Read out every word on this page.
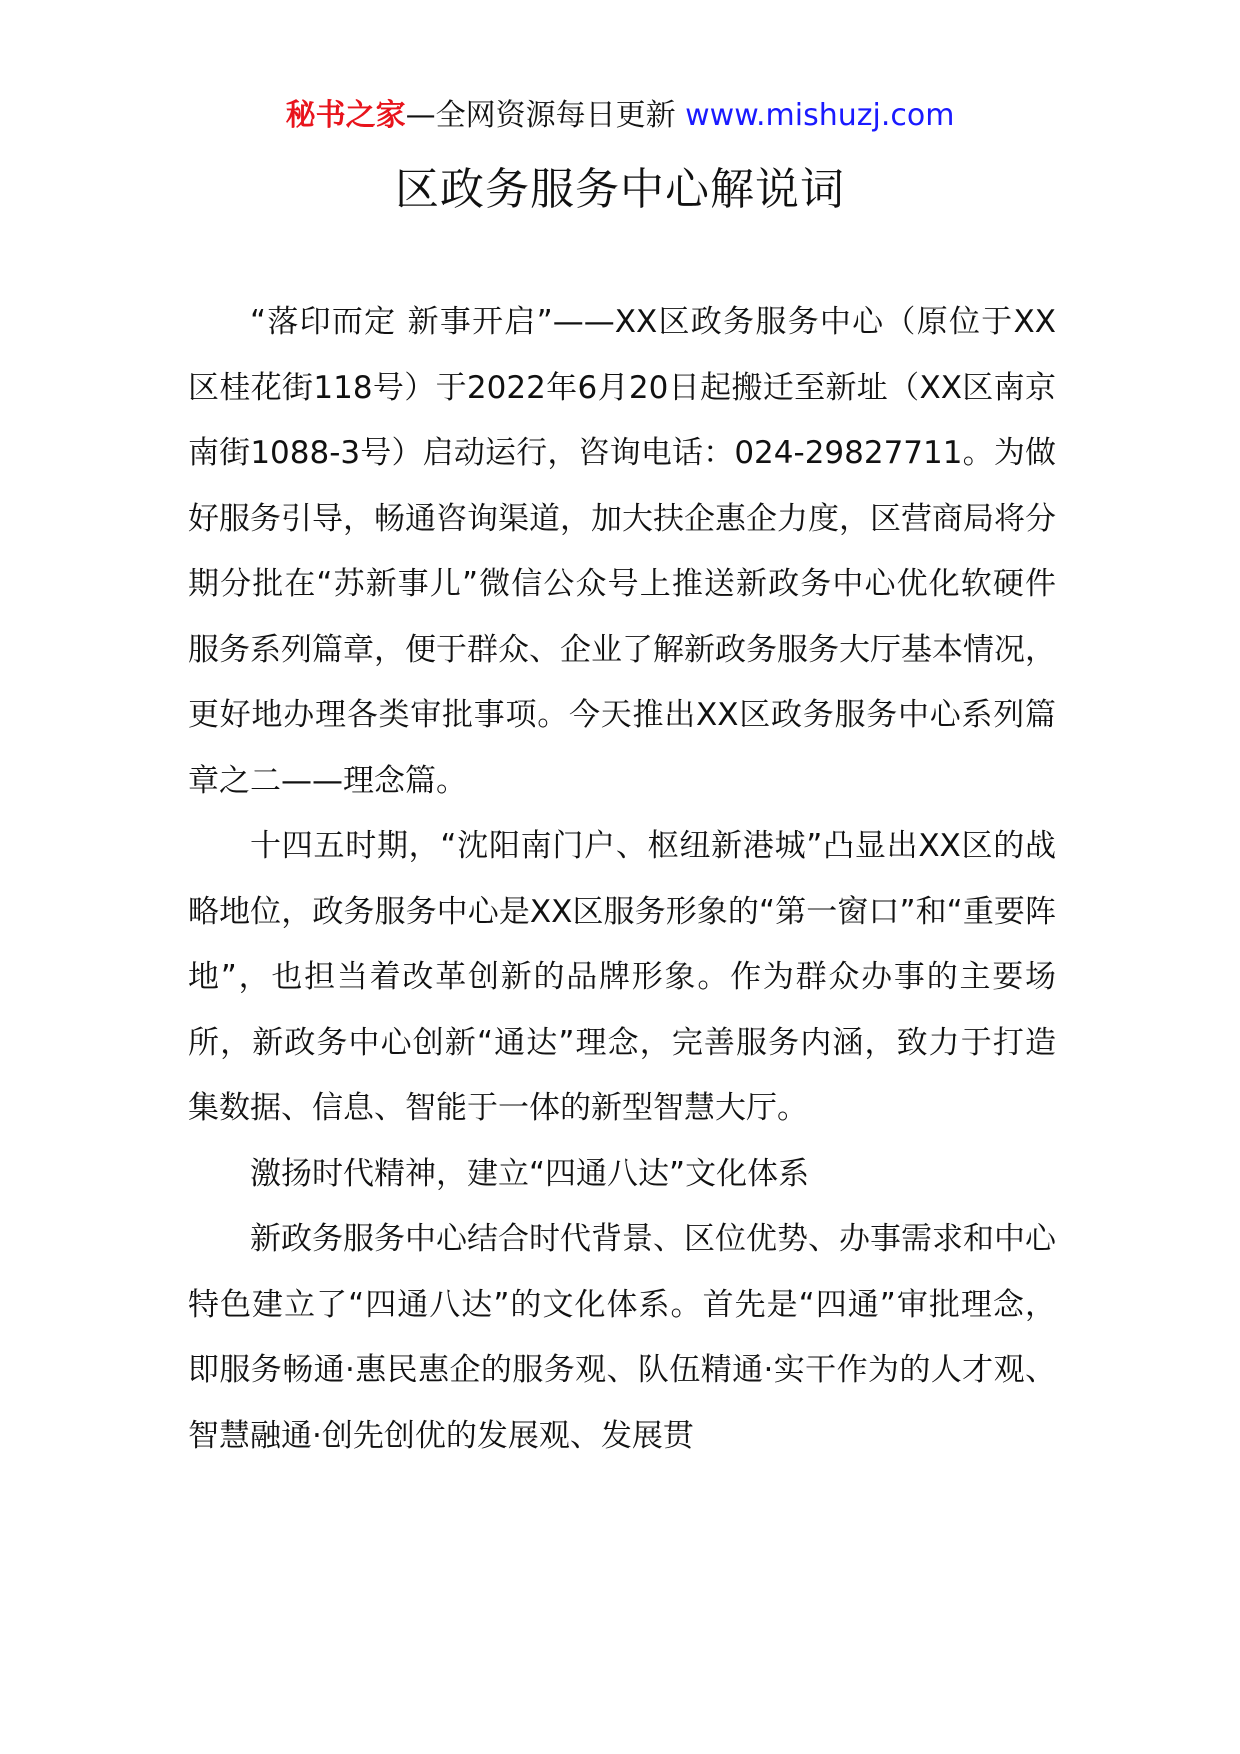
秘书之家—全网资源每日更新 www.mishuzj.com
区政务服务中心解说词

“落印而定 新事开启”——XX区政务服务中心（原位于XX区桂花街118号）于2022年6月20日起搬迁至新址（XX区南京南街1088-3号）启动运行，咨询电话：024-29827711。为做好服务引导，畅通咨询渠道，加大扶企惠企力度，区营商局将分期分批在“苏新事儿”微信公众号上推送新政务中心优化软硬件服务系列篇章，便于群众、企业了解新政务服务大厅基本情况，更好地办理各类审批事项。今天推出XX区政务服务中心系列篇章之二——理念篇。

十四五时期，“沈阳南门户、枢纽新港城”凸显出XX区的战略地位，政务服务中心是XX区服务形象的“第一窗口”和“重要阵地”，也担当着改革创新的品牌形象。作为群众办事的主要场所，新政务中心创新“通达”理念，完善服务内涵，致力于打造集数据、信息、智能于一体的新型智慧大厅。

激扬时代精神，建立“四通八达”文化体系

新政务服务中心结合时代背景、区位优势、办事需求和中心特色建立了“四通八达”的文化体系。首先是“四通”审批理念，即服务畅通·惠民惠企的服务观、队伍精通·实干作为的人才观、智慧融通·创先创优的发展观、发展贯
